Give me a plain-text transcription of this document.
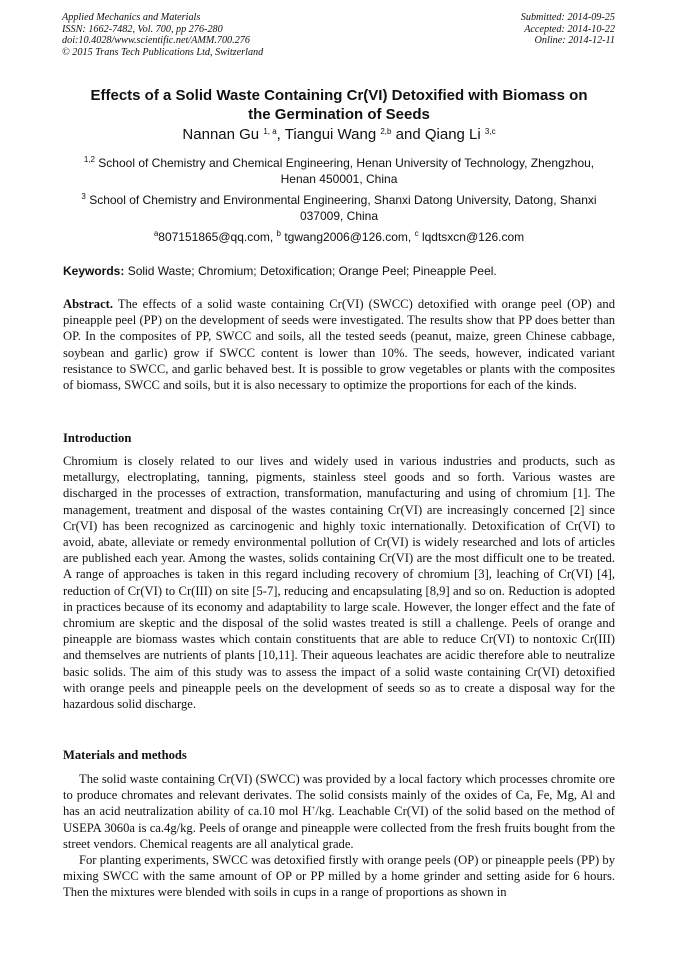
Applied Mechanics and Materials
ISSN: 1662-7482, Vol. 700, pp 276-280
doi:10.4028/www.scientific.net/AMM.700.276
© 2015 Trans Tech Publications Ltd, Switzerland
Submitted: 2014-09-25
Accepted: 2014-10-22
Online: 2014-12-11
Effects of a Solid Waste Containing Cr(VI) Detoxified with Biomass on
the Germination of Seeds
Nannan Gu $^{1, a}$, Tiangui Wang $^{2,b}$ and Qiang Li $^{3,c}$
$^{1,2}$ School of Chemistry and Chemical Engineering, Henan University of Technology, Zhengzhou,
Henan 450001, China
$^3$ School of Chemistry and Environmental Engineering, Shanxi Datong University, Datong, Shanxi
037009, China
$^a$807151865@qq.com, $^b$ tgwang2006@126.com, $^c$ lqdtsxcn@126.com
Keywords: Solid Waste; Chromium; Detoxification; Orange Peel; Pineapple Peel.
Abstract. The effects of a solid waste containing Cr(VI) (SWCC) detoxified with orange peel (OP) and pineapple peel (PP) on the development of seeds were investigated. The results show that PP does better than OP. In the composites of PP, SWCC and soils, all the tested seeds (peanut, maize, green Chinese cabbage, soybean and garlic) grow if SWCC content is lower than 10%. The seeds, however, indicated variant resistance to SWCC, and garlic behaved best. It is possible to grow vegetables or plants with the composites of biomass, SWCC and soils, but it is also necessary to optimize the proportions for each of the kinds.
Introduction
Chromium is closely related to our lives and widely used in various industries and products, such as metallurgy, electroplating, tanning, pigments, stainless steel goods and so forth. Various wastes are discharged in the processes of extraction, transformation, manufacturing and using of chromium [1]. The management, treatment and disposal of the wastes containing Cr(VI) are increasingly concerned [2] since Cr(VI) has been recognized as carcinogenic and highly toxic internationally. Detoxification of Cr(VI) to avoid, abate, alleviate or remedy environmental pollution of Cr(VI) is widely researched and lots of articles are published each year. Among the wastes, solids containing Cr(VI) are the most difficult one to be treated. A range of approaches is taken in this regard including recovery of chromium [3], leaching of Cr(VI) [4], reduction of Cr(VI) to Cr(III) on site [5-7], reducing and encapsulating [8,9] and so on. Reduction is adopted in practices because of its economy and adaptability to large scale. However, the longer effect and the fate of chromium are skeptic and the disposal of the solid wastes treated is still a challenge. Peels of orange and pineapple are biomass wastes which contain constituents that are able to reduce Cr(VI) to nontoxic Cr(III) and themselves are nutrients of plants [10,11]. Their aqueous leachates are acidic therefore able to neutralize basic solids. The aim of this study was to assess the impact of a solid waste containing Cr(VI) detoxified with orange peels and pineapple peels on the development of seeds so as to create a disposal way for the hazardous solid discharge.
Materials and methods

The solid waste containing Cr(VI) (SWCC) was provided by a local factory which processes chromite ore to produce chromates and relevant derivates. The solid consists mainly of the oxides of Ca, Fe, Mg, Al and has an acid neutralization ability of ca.10 mol H+/kg. Leachable Cr(VI) of the solid based on the method of USEPA 3060a is ca.4g/kg. Peels of orange and pineapple were collected from the fresh fruits bought from the street vendors. Chemical reagents are all analytical grade.

For planting experiments, SWCC was detoxified firstly with orange peels (OP) or pineapple peels (PP) by mixing SWCC with the same amount of OP or PP milled by a home grinder and setting aside for 6 hours. Then the mixtures were blended with soils in cups in a range of proportions as shown in
